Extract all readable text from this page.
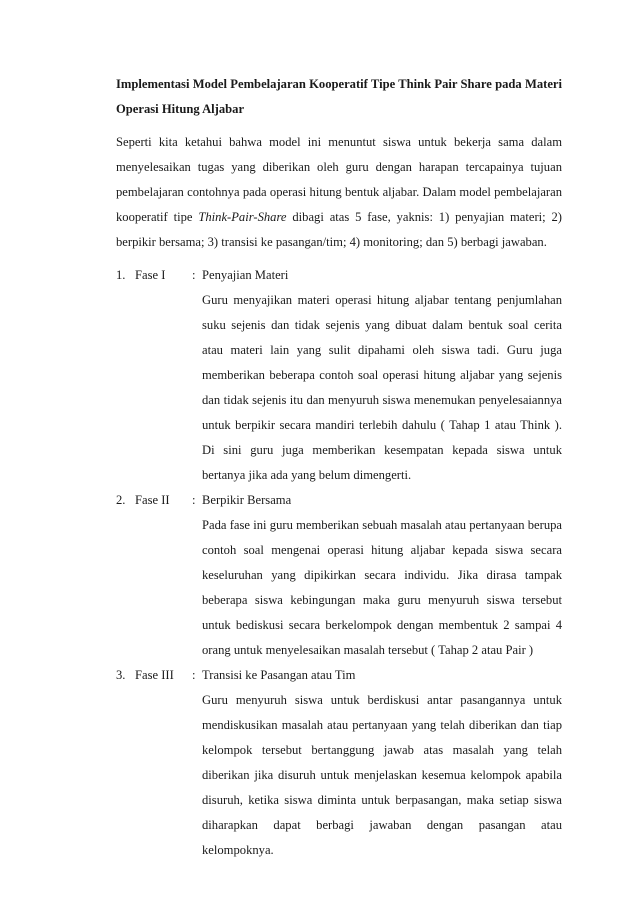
Implementasi Model Pembelajaran Kooperatif Tipe Think Pair Share pada Materi Operasi Hitung Aljabar

Seperti kita ketahui bahwa model ini menuntut siswa untuk bekerja sama dalam menyelesaikan tugas yang diberikan oleh guru dengan harapan tercapainya tujuan pembelajaran contohnya pada operasi hitung bentuk aljabar. Dalam model pembelajaran kooperatif tipe Think-Pair-Share dibagi atas 5 fase, yaknis: 1) penyajian materi; 2) berpikir bersama; 3) transisi ke pasangan/tim; 4) monitoring; dan 5) berbagi jawaban.

1. Fase I	: Penyajian Materi
Guru menyajikan materi operasi hitung aljabar tentang penjumlahan suku sejenis dan tidak sejenis yang dibuat dalam bentuk soal cerita atau materi lain yang sulit dipahami oleh siswa tadi. Guru juga memberikan beberapa contoh soal operasi hitung aljabar yang sejenis dan tidak sejenis itu dan menyuruh siswa menemukan penyelesaiannya untuk berpikir secara mandiri terlebih dahulu ( Tahap 1 atau Think ). Di sini guru juga memberikan kesempatan kepada siswa untuk bertanya jika ada yang belum dimengerti.
2. Fase II	: Berpikir Bersama
Pada fase ini guru memberikan sebuah masalah atau pertanyaan berupa contoh soal mengenai operasi hitung aljabar kepada siswa secara keseluruhan yang dipikirkan secara individu. Jika dirasa tampak beberapa siswa kebingungan maka guru menyuruh siswa tersebut untuk bediskusi secara berkelompok dengan membentuk 2 sampai 4 orang untuk menyelesaikan masalah tersebut ( Tahap 2 atau Pair )
3. Fase III	: Transisi ke Pasangan atau Tim
Guru menyuruh siswa untuk berdiskusi antar pasangannya untuk mendiskusikan masalah atau pertanyaan yang telah diberikan dan tiap kelompok tersebut bertanggung jawab atas masalah yang telah diberikan jika disuruh untuk menjelaskan kesemua kelompok apabila disuruh, ketika siswa diminta untuk berpasangan, maka setiap siswa diharapkan dapat berbagi jawaban dengan pasangan atau kelompoknya.
